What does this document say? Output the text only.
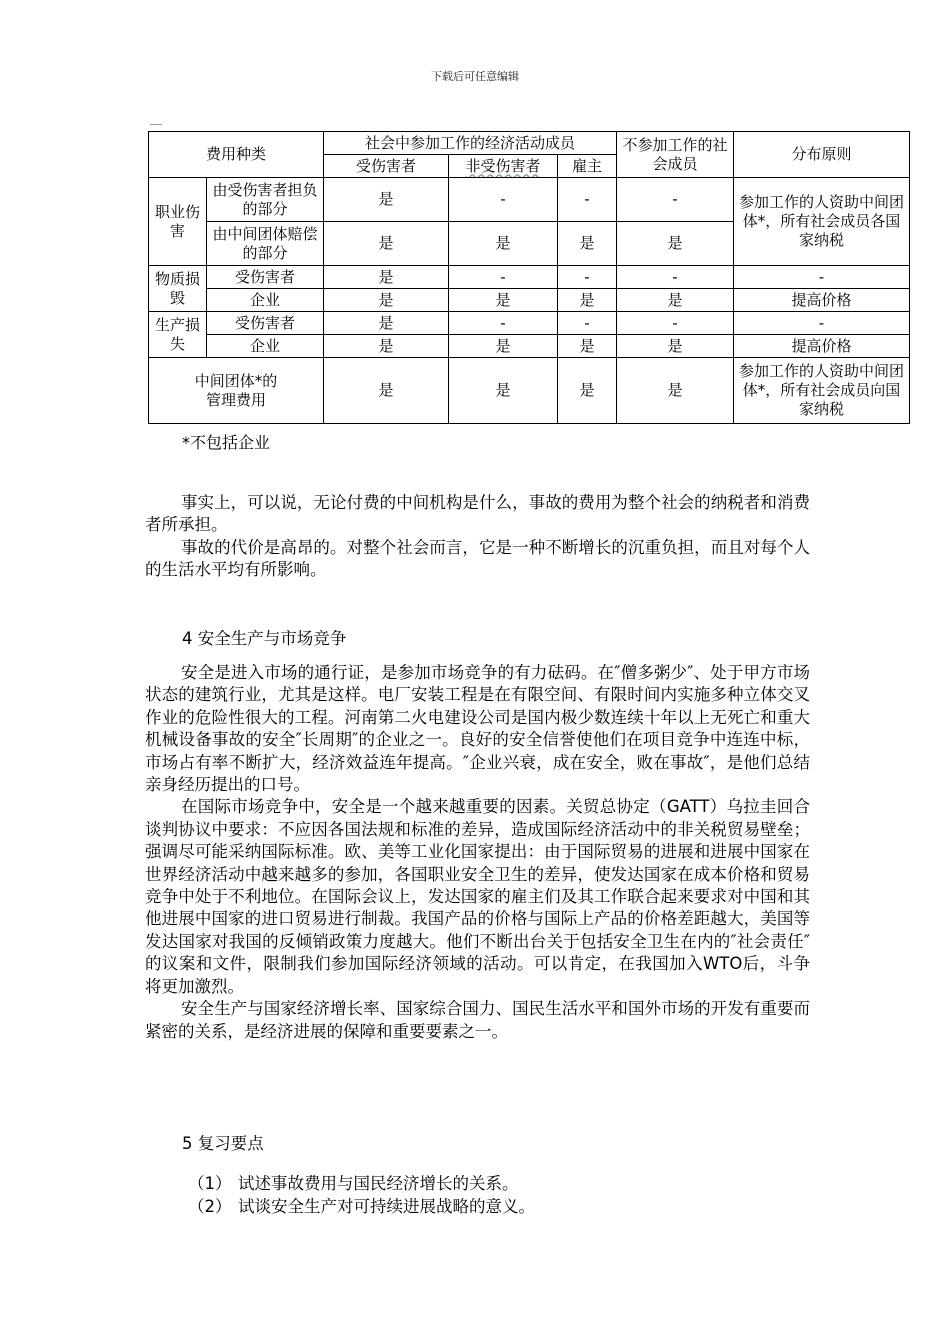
下载后可任意编辑
费用种类		社会中参加工作的经济活动成员			不参加工作的社会成员	分布原则
		受伤害者	非受伤害者	雇主		
职业伤害	由受伤害者担负的部分	是	-	-	-	参加工作的人资助中间团体*，所有社会成员各国家纳税
	由中间团体赔偿的部分	是	是	是	是	
物质损毁	受伤害者	是	-	-	-	-
	企业	是	是	是	是	提高价格
生产损失	受伤害者	是	-	-	-	-
	企业	是	是	是	是	提高价格
中间团体*的管理费用		是	是	是	是	参加工作的人资助中间团体*，所有社会成员向国家纳税
*不包括企业

事实上，可以说，无论付费的中间机构是什么，事故的费用为整个社会的纳税者和消费者所承担。

事故的代价是高昂的。对整个社会而言，它是一种不断增长的沉重负担，而且对每个人的生活水平均有所影响。

4 安全生产与市场竞争

安全是进入市场的通行证，是参加市场竞争的有力砝码。在″僧多粥少″、处于甲方市场状态的建筑行业，尤其是这样。电厂安装工程是在有限空间、有限时间内实施多种立体交叉作业的危险性很大的工程。河南第二火电建设公司是国内极少数连续十年以上无死亡和重大机械设备事故的安全″长周期″的企业之一。良好的安全信誉使他们在项目竞争中连连中标，市场占有率不断扩大，经济效益连年提高。″企业兴衰，成在安全，败在事故″，是他们总结亲身经历提出的口号。

在国际市场竞争中，安全是一个越来越重要的因素。关贸总协定（GATT）乌拉圭回合谈判协议中要求：不应因各国法规和标准的差异，造成国际经济活动中的非关税贸易壁垒；强调尽可能采纳国际标准。欧、美等工业化国家提出：由于国际贸易的进展和进展中国家在世界经济活动中越来越多的参加，各国职业安全卫生的差异，使发达国家在成本价格和贸易竞争中处于不利地位。在国际会议上，发达国家的雇主们及其工作联合起来要求对中国和其他进展中国家的进口贸易进行制裁。我国产品的价格与国际上产品的价格差距越大，美国等发达国家对我国的反倾销政策力度越大。他们不断出台关于包括安全卫生在内的″社会责任″的议案和文件，限制我们参加国际经济领域的活动。可以肯定，在我国加入WTO后，斗争将更加激烈。

安全生产与国家经济增长率、国家综合国力、国民生活水平和国外市场的开发有重要而紧密的关系，是经济进展的保障和重要要素之一。

5 复习要点
（1） 试述事故费用与国民经济增长的关系。
（2） 试谈安全生产对可持续进展战略的意义。
